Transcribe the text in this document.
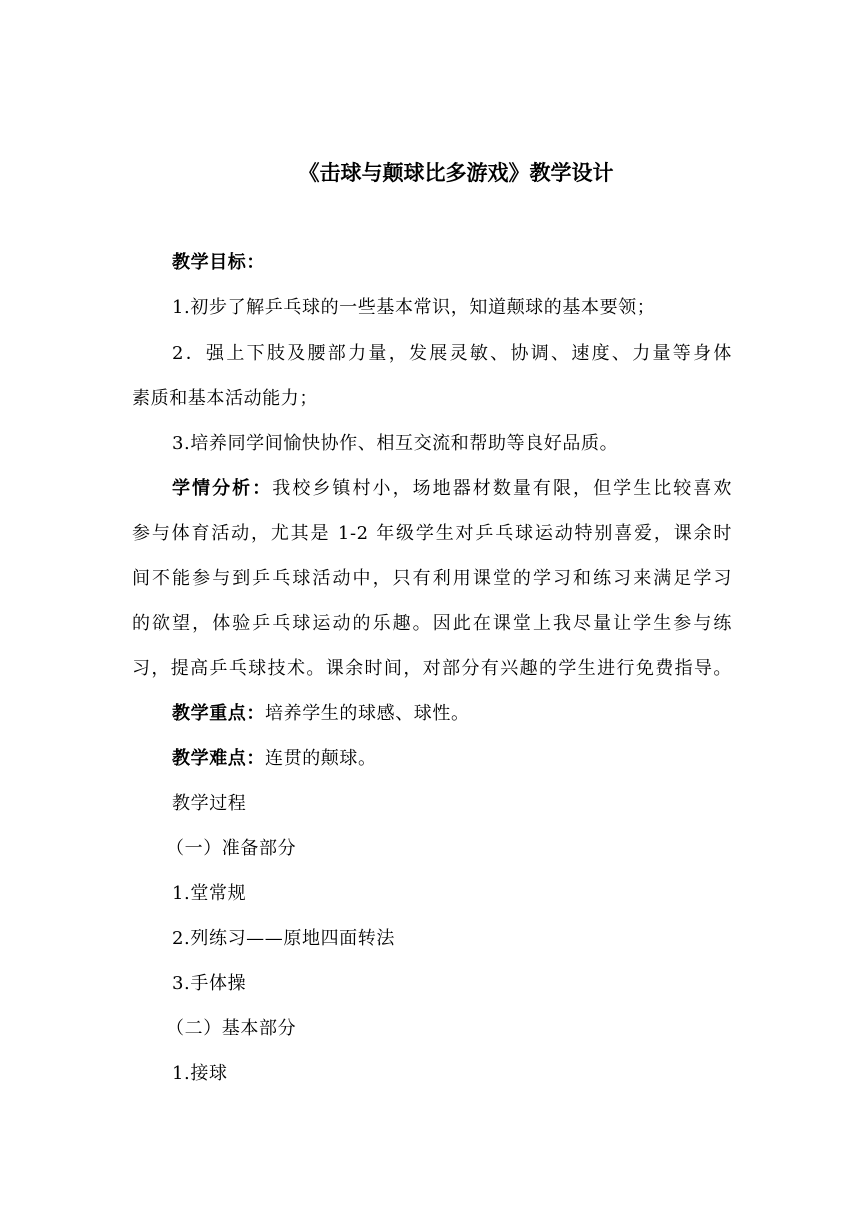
《击球与颠球比多游戏》教学设计
教学目标：
1.初步了解乒乓球的一些基本常识，知道颠球的基本要领；
2．强上下肢及腰部力量，发展灵敏、协调、速度、力量等身体
素质和基本活动能力；
3.培养同学间愉快协作、相互交流和帮助等良好品质。
学情分析：我校乡镇村小，场地器材数量有限，但学生比较喜欢
参与体育活动，尤其是 1-2 年级学生对乒乓球运动特别喜爱，课余时
间不能参与到乒乓球活动中，只有利用课堂的学习和练习来满足学习
的欲望，体验乒乓球运动的乐趣。因此在课堂上我尽量让学生参与练
习，提高乒乓球技术。课余时间，对部分有兴趣的学生进行免费指导。
教学重点：培养学生的球感、球性。
教学难点：连贯的颠球。
教学过程
（一）准备部分
1.堂常规
2.列练习——原地四面转法
3.手体操
（二）基本部分
1.接球
